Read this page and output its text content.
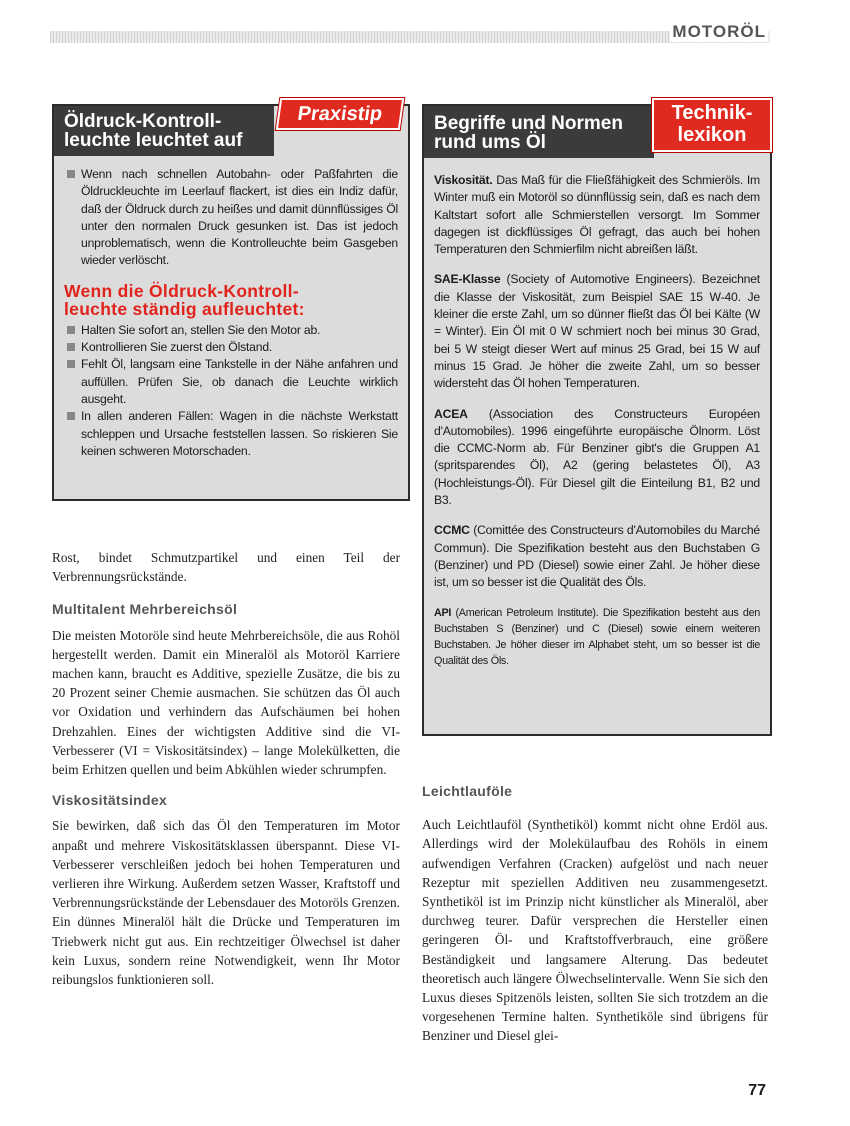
MOTORÖL
Öldruck-Kontroll-
leuchte leuchtet auf

Wenn nach schnellen Autobahn- oder Paßfahrten die Öldruckleuchte im Leerlauf flackert, ist dies ein Indiz dafür, daß der Öldruck durch zu heißes und damit dünnflüssiges Öl unter den normalen Druck gesunken ist. Das ist jedoch unproblematisch, wenn die Kontrolleuchte beim Gasgeben wieder verlöscht.

Wenn die Öldruck-Kontroll-
leuchte ständig aufleuchtet:

Halten Sie sofort an, stellen Sie den Motor ab.

Kontrollieren Sie zuerst den Ölstand.

Fehlt Öl, langsam eine Tankstelle in der Nähe anfahren und auffüllen. Prüfen Sie, ob danach die Leuchte wirklich ausgeht.

In allen anderen Fällen: Wagen in die nächste Werkstatt schleppen und Ursache feststellen lassen. So riskieren Sie keinen schweren Motorschaden.

Praxistip	Begriffe und Normen
rund ums Öl

Viskosität. Das Maß für die Fließfähigkeit des Schmieröls. Im Winter muß ein Motoröl so dünnflüssig sein, daß es nach dem Kaltstart sofort alle Schmierstellen versorgt. Im Sommer dagegen ist dickflüssiges Öl gefragt, das auch bei hohen Temperaturen den Schmierfilm nicht abreißen läßt.

SAE-Klasse (Society of Automotive Engineers). Bezeichnet die Klasse der Viskosität, zum Beispiel SAE 15 W-40. Je kleiner die erste Zahl, um so dünner fließt das Öl bei Kälte (W = Winter). Ein Öl mit 0 W schmiert noch bei minus 30 Grad, bei 5 W steigt dieser Wert auf minus 25 Grad, bei 15 W auf minus 15 Grad. Je höher die zweite Zahl, um so besser widersteht das Öl hohen Temperaturen.

ACEA (Association des Constructeurs Européen d'Automobiles). 1996 eingeführte europäische Ölnorm. Löst die CCMC-Norm ab. Für Benziner gibt's die Gruppen A1 (spritsparendes Öl), A2 (gering belastetes Öl), A3 (Hochleistungs-Öl). Für Diesel gilt die Einteilung B1, B2 und B3.

CCMC (Comittée des Constructeurs d'Automobiles du Marché Commun). Die Spezifikation besteht aus den Buchstaben G (Benziner) und PD (Diesel) sowie einer Zahl. Je höher diese ist, um so besser ist die Qualität des Öls.

API (American Petroleum Institute). Die Spezifikation besteht aus den Buchstaben S (Benziner) und C (Diesel) sowie einem weiteren Buchstaben. Je höher dieser im Alphabet steht, um so besser ist die Qualität des Öls.

Technik-
lexikon

Rost, bindet Schmutzpartikel und einen Teil der Verbrennungsrückstände.

Multitalent Mehrbereichsöl

Die meisten Motoröle sind heute Mehrbereichsöle, die aus Rohöl hergestellt werden. Damit ein Mineralöl als Motoröl Karriere machen kann, braucht es Additive, spezielle Zusätze, die bis zu 20 Prozent seiner Chemie ausmachen. Sie schützen das Öl auch vor Oxidation und verhindern das Aufschäumen bei hohen Drehzahlen. Eines der wichtigsten Additive sind die VI-Verbesserer (VI = Viskositätsindex) – lange Molekülketten, die beim Erhitzen quellen und beim Abkühlen wieder schrumpfen.

Viskositätsindex

Sie bewirken, daß sich das Öl den Temperaturen im Motor anpaßt und mehrere Viskositätsklassen überspannt. Diese VI-Verbesserer verschleißen jedoch bei hohen Temperaturen und verlieren ihre Wirkung. Außerdem setzen Wasser, Kraftstoff und Verbrennungsrückstände der Lebensdauer des Motoröls Grenzen. Ein dünnes Mineralöl hält die Drücke und Temperaturen im Triebwerk nicht gut aus. Ein rechtzeitiger Ölwechsel ist daher kein Luxus, sondern reine Notwendigkeit, wenn Ihr Motor reibungslos funktionieren soll.

Leichtlauföle

Auch Leichtlauföl (Synthetiköl) kommt nicht ohne Erdöl aus. Allerdings wird der Molekülaufbau des Rohöls in einem aufwendigen Verfahren (Cracken) aufgelöst und nach neuer Rezeptur mit speziellen Additiven neu zusammengesetzt. Synthetiköl ist im Prinzip nicht künstlicher als Mineralöl, aber durchweg teurer. Dafür versprechen die Hersteller einen geringeren Öl- und Kraftstoffverbrauch, eine größere Beständigkeit und langsamere Alterung. Das bedeutet theoretisch auch längere Ölwechselintervalle. Wenn Sie sich den Luxus dieses Spitzenöls leisten, sollten Sie sich trotzdem an die vorgesehenen Termine halten. Synthetiköle sind übrigens für Benziner und Diesel glei-

77
